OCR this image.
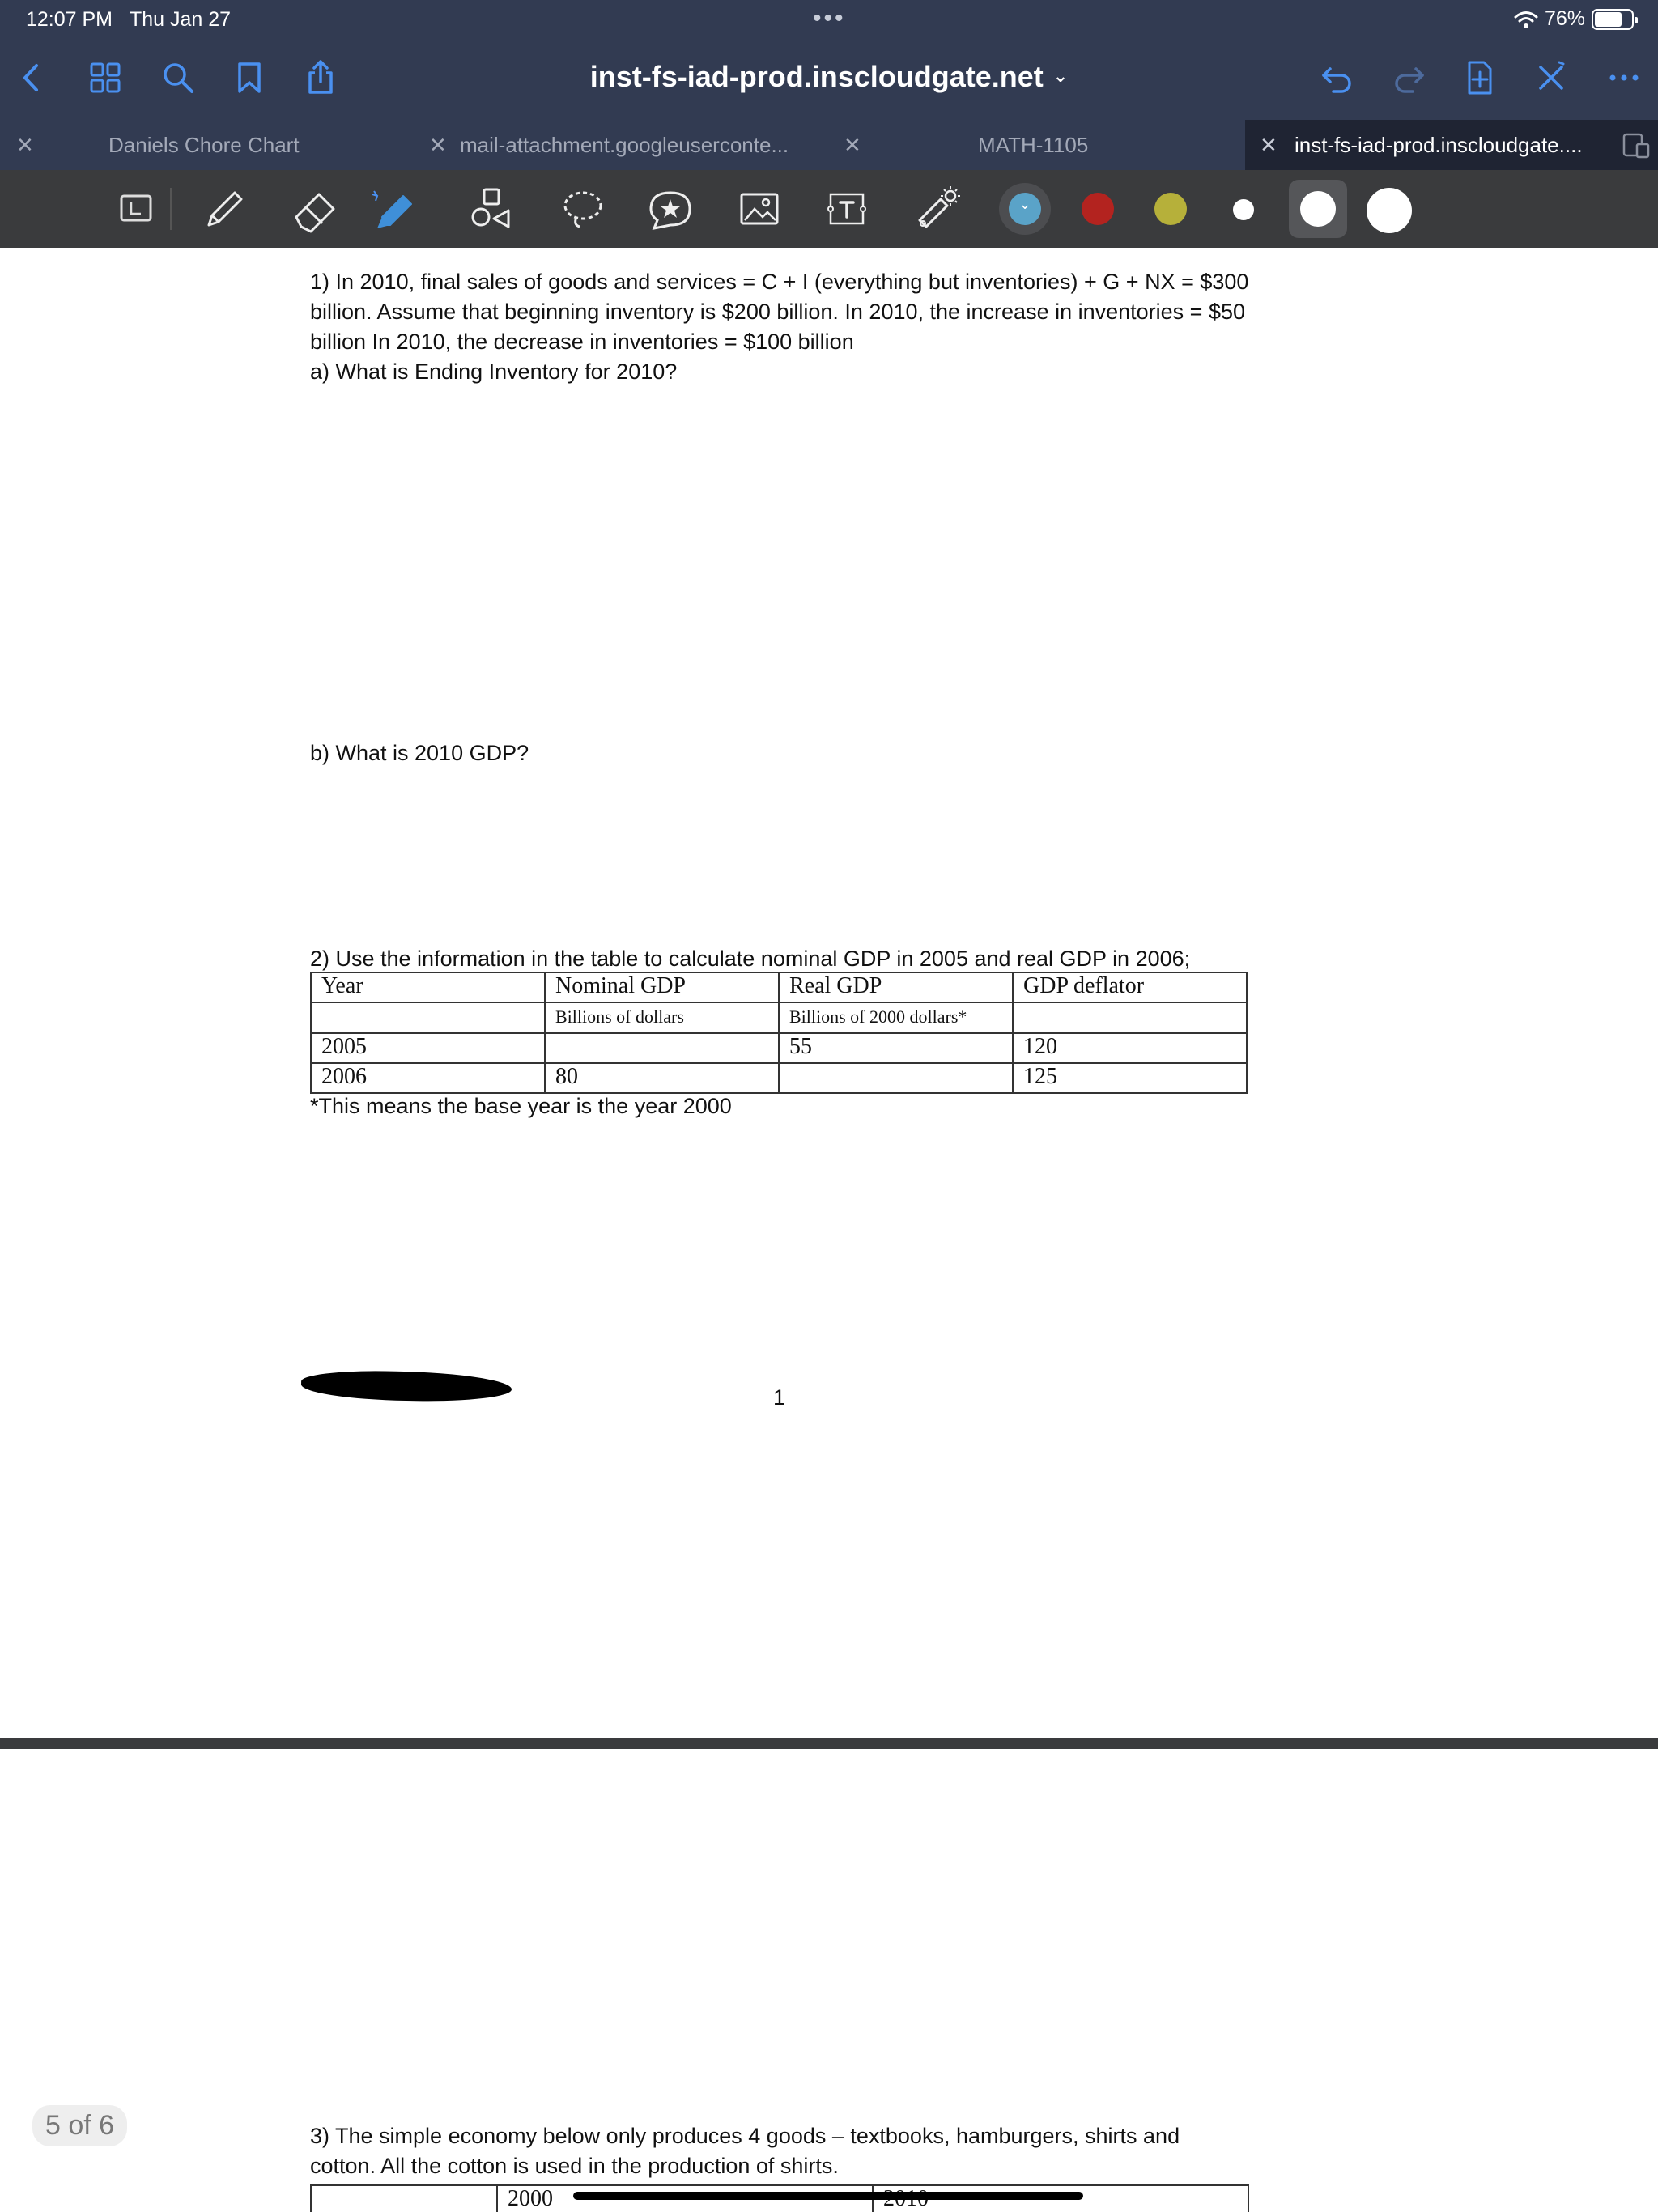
12:07 PM Thu Jan 27	•••	76%
inst-fs-iad-prod.inscloudgate.net ⌄
✕	Daniels Chore Chart	✕ mail-attachment.googleuserconte...	✕	MATH-1105	✕ inst-fs-iad-prod.inscloudgate....
⌄
1) In 2010, final sales of goods and services = C + I (everything but inventories) + G + NX = $300 billion. Assume that beginning inventory is $200 billion. In 2010, the increase in inventories = $50 billion In 2010, the decrease in inventories = $100 billion
a) What is Ending Inventory for 2010?
b) What is 2010 GDP?
2) Use the information in the table to calculate nominal GDP in 2005 and real GDP in 2006;
Year	Nominal GDP	Real GDP	GDP deflator
	Billions of dollars	Billions of 2000 dollars*	
2005		55	120
2006	80		125
*This means the base year is the year 2000
1
3) The simple economy below only produces 4 goods – textbooks, hamburgers, shirts and cotton. All the cotton is used in the production of shirts.
	2000	
5 of 6
